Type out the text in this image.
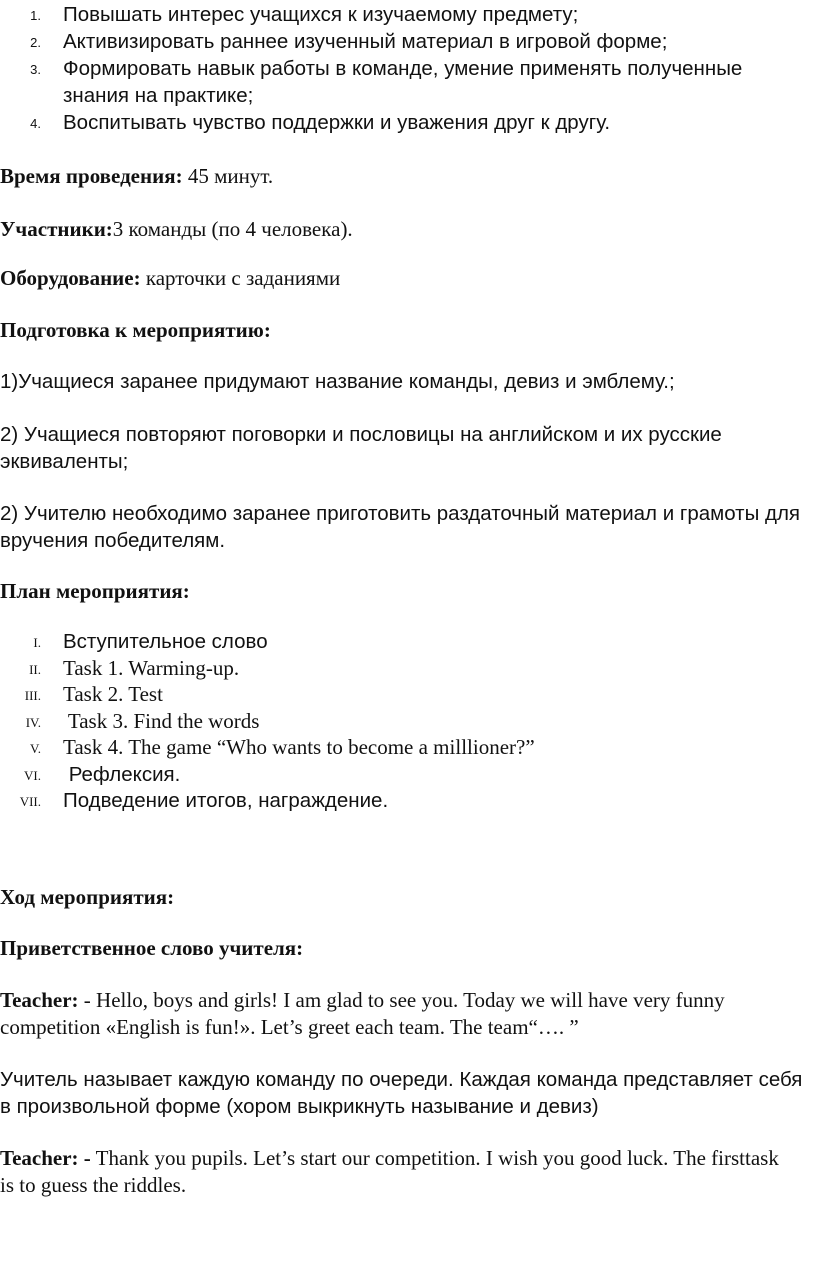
1. Повышать интерес учащихся к изучаемому предмету;
2. Активизировать раннее изученный материал в игровой форме;
3. Формировать навык работы в команде, умение применять полученные знания на практике;
4. Воспитывать чувство поддержки и уважения друг к другу.

Время проведения: 45 минут.

Участники:3 команды (по 4 человека).

Оборудование: карточки с заданиями

Подготовка к мероприятию:

1)Учащиеся заранее придумают название команды, девиз и эмблему.;

2) Учащиеся повторяют поговорки и пословицы на английском и их русские эквиваленты;

2) Учителю необходимо заранее приготовить раздаточный материал и грамоты для вручения победителям.

План мероприятия:

I. Вступительное слово
II. Task 1. Warming-up.
III. Task 2. Test
IV. Task 3. Find the words
V. Task 4. The game “Who wants to become a milllioner?”
VI. Рефлексия.
VII. Подведение итогов, награждение.

Ход мероприятия:

Приветственное слово учителя:

Teacher: - Hello, boys and girls! I am glad to see you. Today we will have very funny competition «English is fun!». Let’s greet each team. The team“…. ”

Учитель называет каждую команду по очереди. Каждая команда представляет себя в произвольной форме (хором выкрикнуть называние и девиз)

Teacher: - Thank you pupils. Let’s start our competition. I wish you good luck. The firsttask is to guess the riddles.
